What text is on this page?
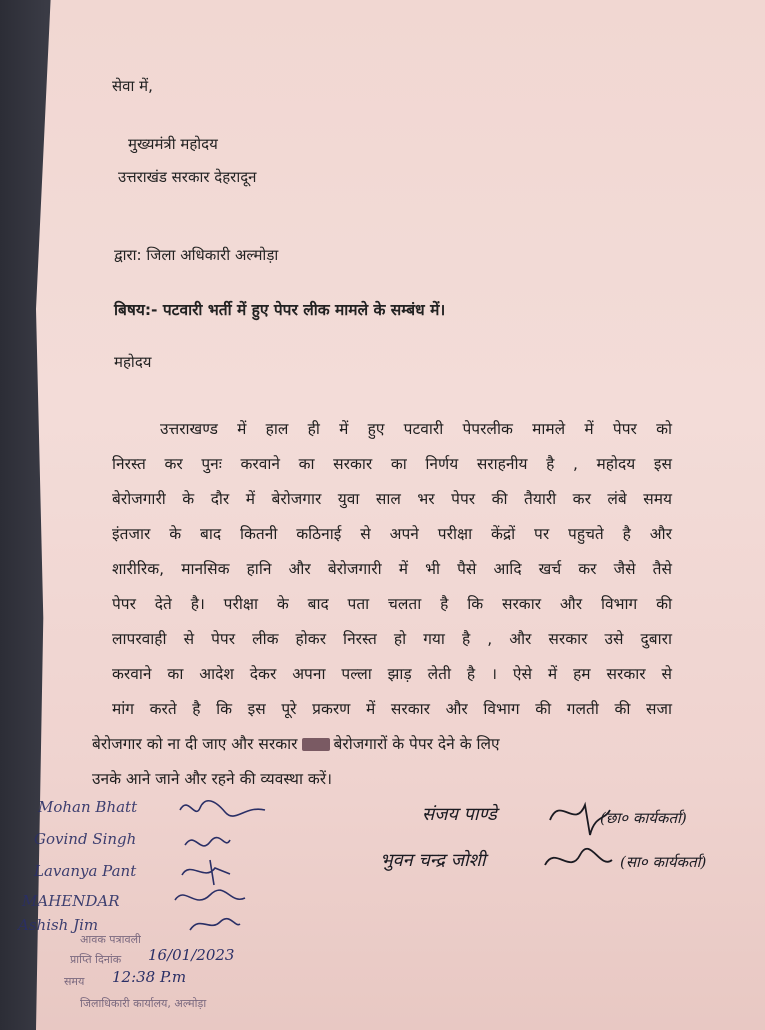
सेवा में,
मुख्यमंत्री महोदय
उत्तराखंड सरकार देहरादून
द्वारा: जिला अधिकारी अल्मोड़ा
बिषय:- पटवारी भर्ती में हुए पेपर लीक मामले के सम्बंध में।
महोदय
उत्तराखण्ड में हाल ही में हुए पटवारी पेपरलीक मामले में पेपर को
निरस्त कर पुनः करवाने का सरकार का निर्णय सराहनीय है , महोदय इस
बेरोजगारी के दौर में बेरोजगार युवा साल भर पेपर की तैयारी कर लंबे समय
इंतजार के बाद कितनी कठिनाई से अपने परीक्षा केंद्रों पर पहुचते है और
शारीरिक, मानसिक हानि और बेरोजगारी में भी पैसे आदि खर्च कर जैसे तैसे
पेपर देते है। परीक्षा के बाद पता चलता है कि सरकार और विभाग की
लापरवाही से पेपर लीक होकर निरस्त हो गया है , और सरकार उसे दुबारा
करवाने का आदेश देकर अपना पल्ला झाड़ लेती है । ऐसे में हम सरकार से
मांग करते है कि इस पूरे प्रकरण में सरकार और विभाग की गलती की सजा
बेरोजगार को ना दी जाए और सरकार बेरोजगारों के पेपर देने के लिए
उनके आने जाने और रहने की व्यवस्था करें।
Mohan Bhatt
Govind Singh
Lavanya Pant
MAHENDAR
Ashish Jim
संजय पाण्डे	(छा० कार्यकर्ता)
भुवन चन्द्र जोशी	(सा० कार्यकर्ता)
आवक पत्रावली
प्राप्ति दिनांक 16/01/2023
समय 12:38 P.m
जिलाधिकारी कार्यालय, अल्मोड़ा
